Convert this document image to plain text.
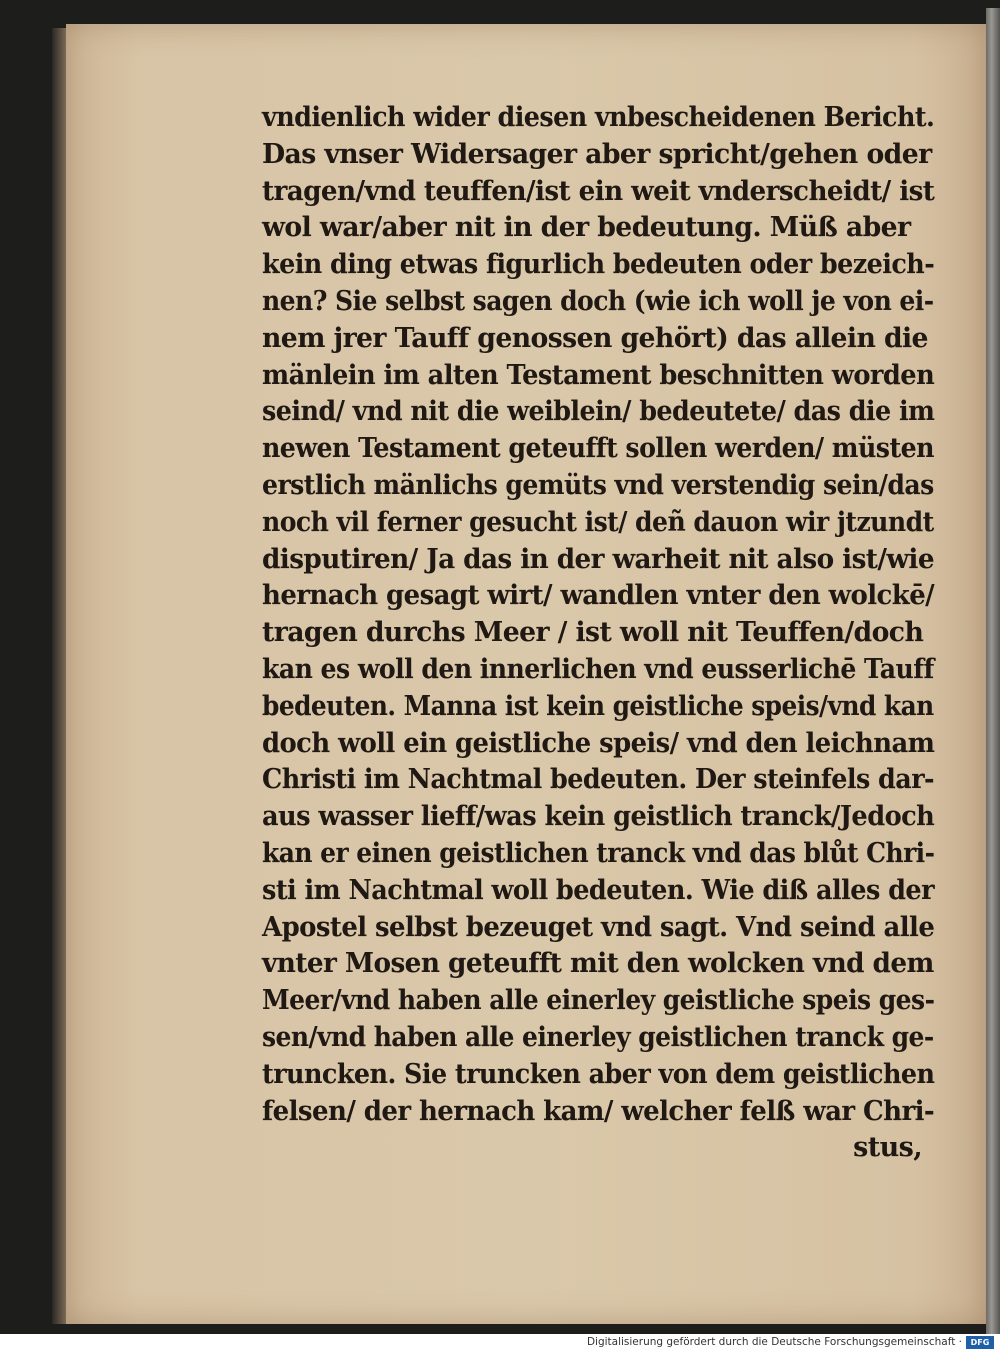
vndienlich wider diesen vnbescheidenen Bericht.
Das vnser Widersager aber spricht/gehen oder
tragen/vnd teuffen/ist ein weit vnderscheidt/ ist
wol war/aber nit in der bedeutung. Müß aber
kein ding etwas figurlich bedeuten oder bezeich-
nen? Sie selbst sagen doch (wie ich woll je von ei-
nem jrer Tauff genossen gehört) das allein die
mänlein im alten Testament beschnitten worden
seind/ vnd nit die weiblein/ bedeutete/ das die im
newen Testament geteufft sollen werden/ müsten
erstlich mänlichs gemüts vnd verstendig sein/das
noch vil ferner gesucht ist/ deñ dauon wir jtzundt
disputiren/ Ja das in der warheit nit also ist/wie
hernach gesagt wirt/ wandlen vnter den wolckē/
tragen durchs Meer / ist woll nit Teuffen/doch
kan es woll den innerlichen vnd eusserlichē Tauff
bedeuten. Manna ist kein geistliche speis/vnd kan
doch woll ein geistliche speis/ vnd den leichnam
Christi im Nachtmal bedeuten. Der steinfels dar-
aus wasser lieff/was kein geistlich tranck/Jedoch
kan er einen geistlichen tranck vnd das blůt Chri-
sti im Nachtmal woll bedeuten. Wie diß alles der
Apostel selbst bezeuget vnd sagt. Vnd seind alle
vnter Mosen geteufft mit den wolcken vnd dem
Meer/vnd haben alle einerley geistliche speis ges-
sen/vnd haben alle einerley geistlichen tranck ge-
truncken. Sie truncken aber von dem geistlichen
felsen/ der hernach kam/ welcher felß war Chri-
stus,
Digitalisierung gefördert durch die Deutsche Forschungsgemeinschaft ·	DFG
